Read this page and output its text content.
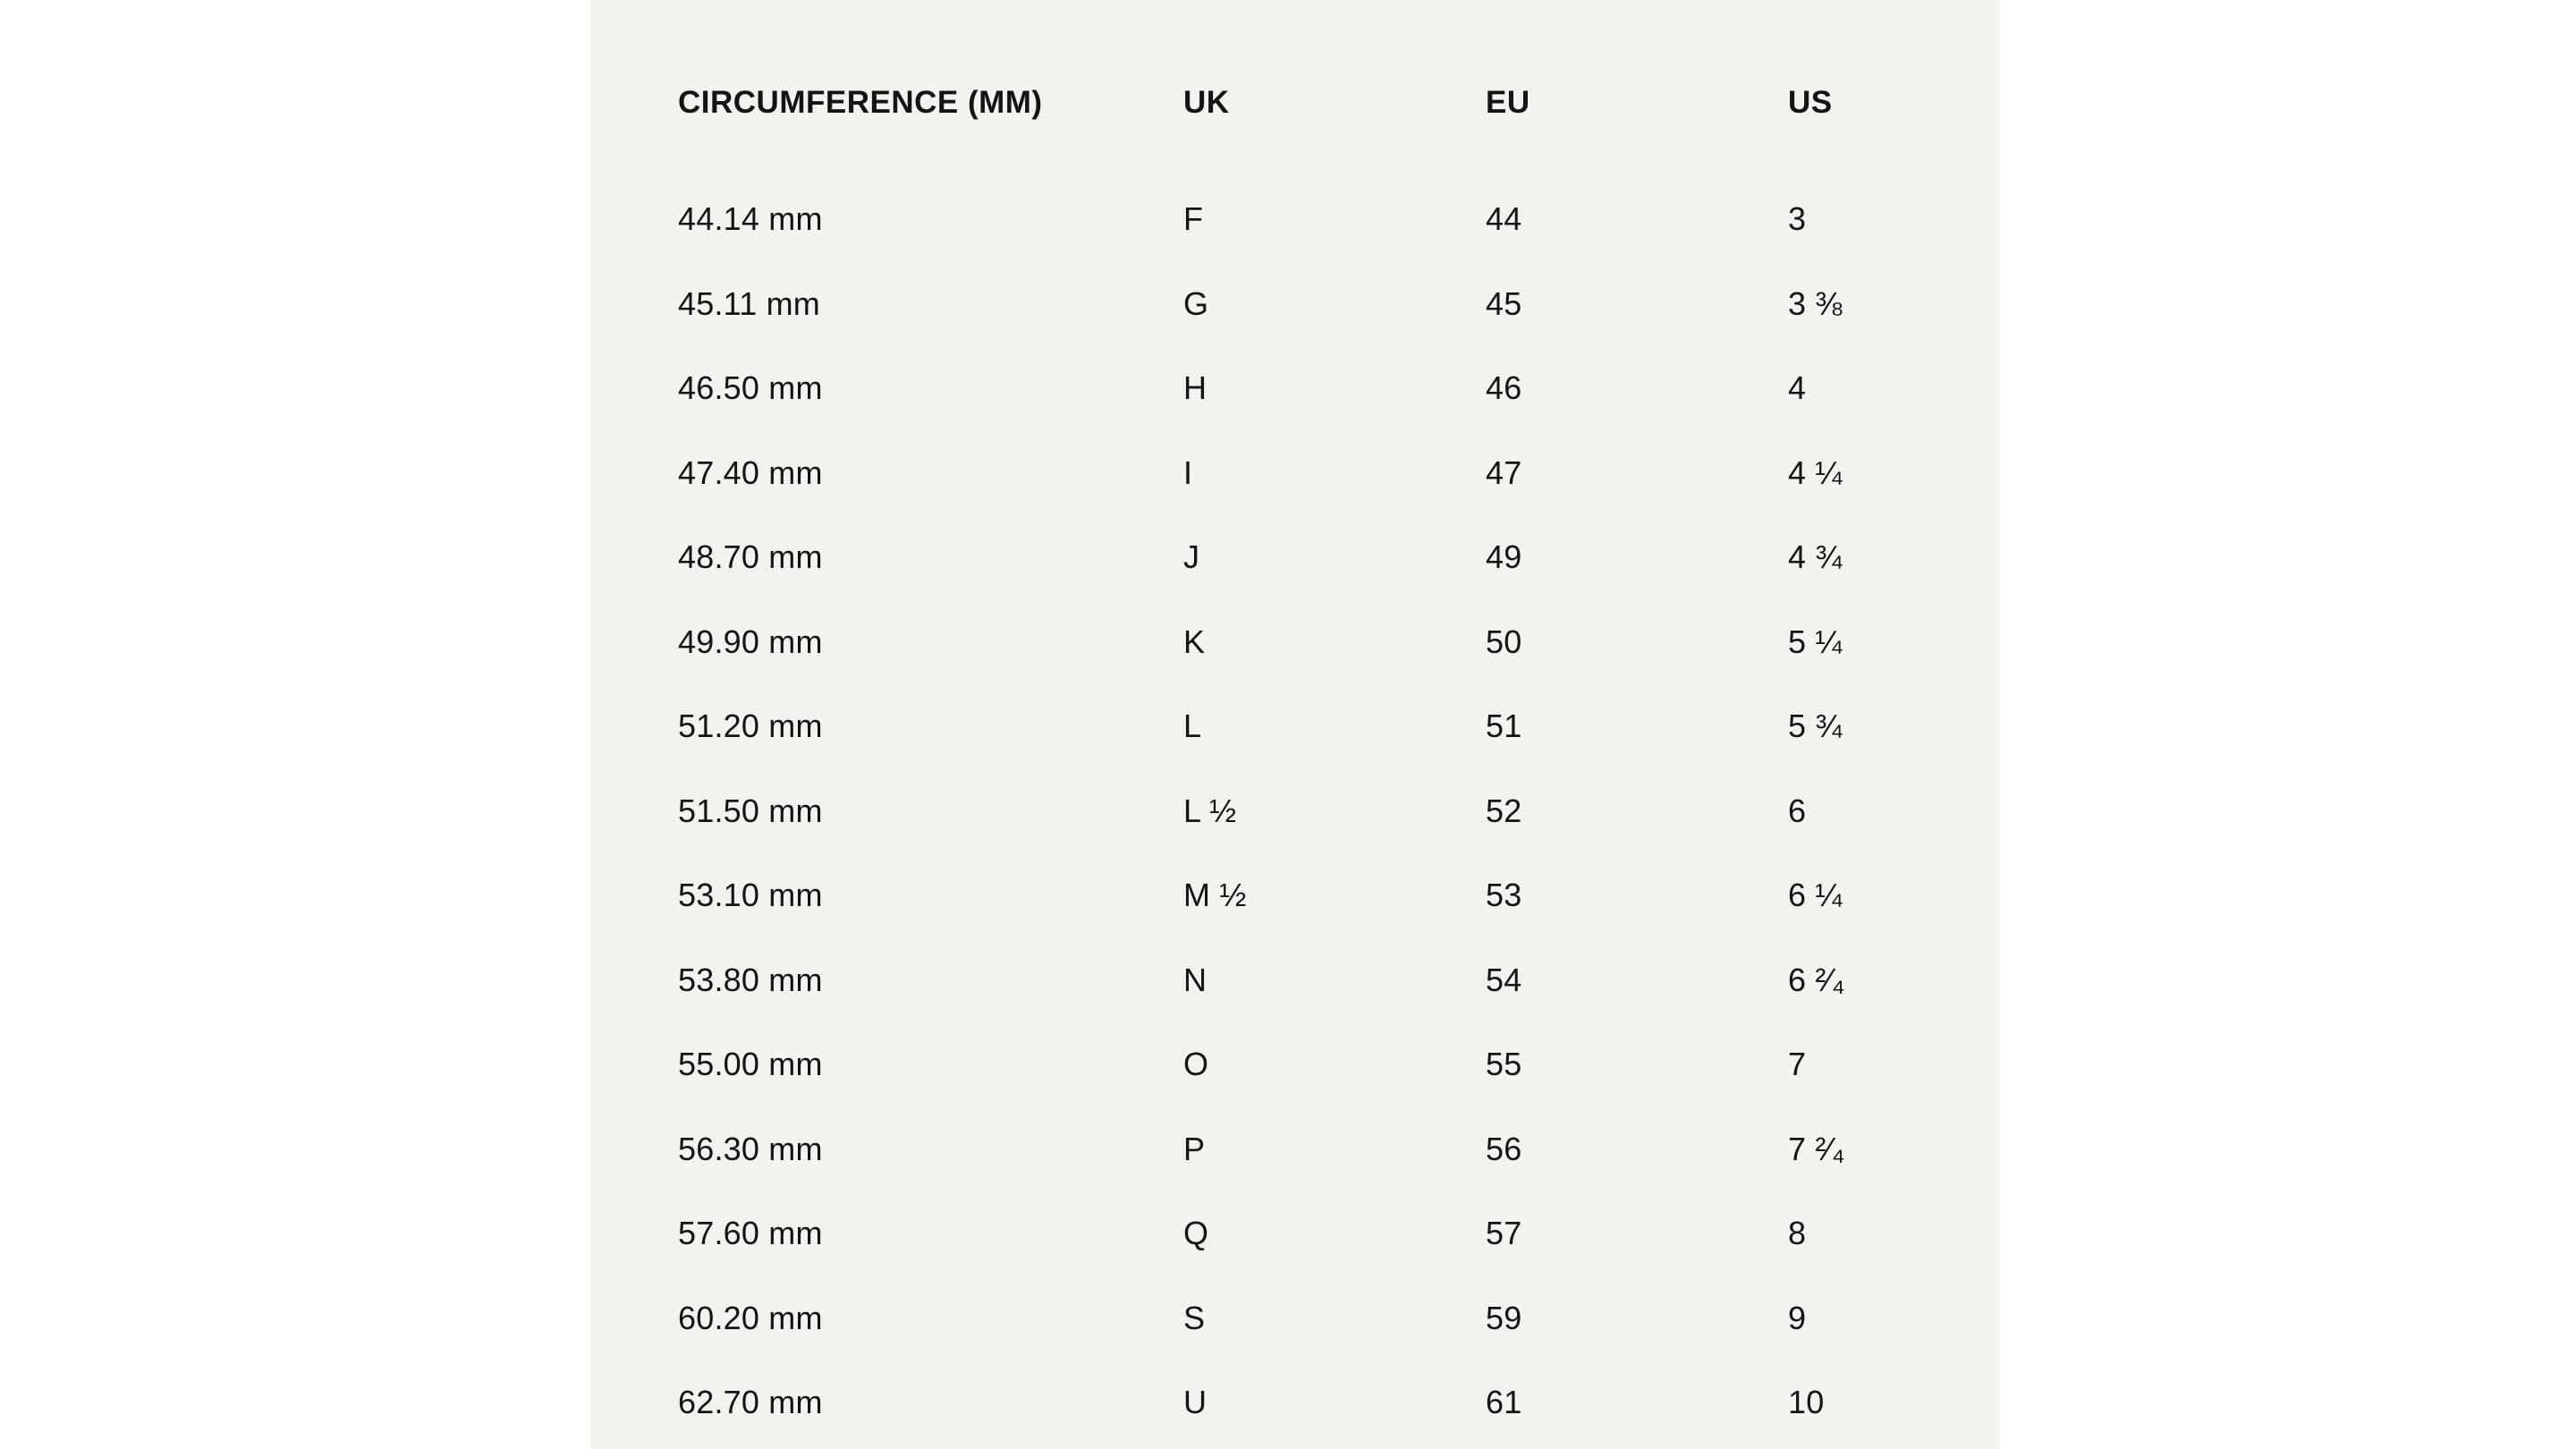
CIRCUMFERENCE (MM)	UK	EU	US
44.14 mm	F	44	3
45.11 mm	G	45	3 ⅜
46.50 mm	H	46	4
47.40 mm	I	47	4 ¼
48.70 mm	J	49	4 ¾
49.90 mm	K	50	5 ¼
51.20 mm	L	51	5 ¾
51.50 mm	L ½	52	6
53.10 mm	M ½	53	6 ¼
53.80 mm	N	54	6 ²⁄₄
55.00 mm	O	55	7
56.30 mm	P	56	7 ²⁄₄
57.60 mm	Q	57	8
60.20 mm	S	59	9
62.70 mm	U	61	10
